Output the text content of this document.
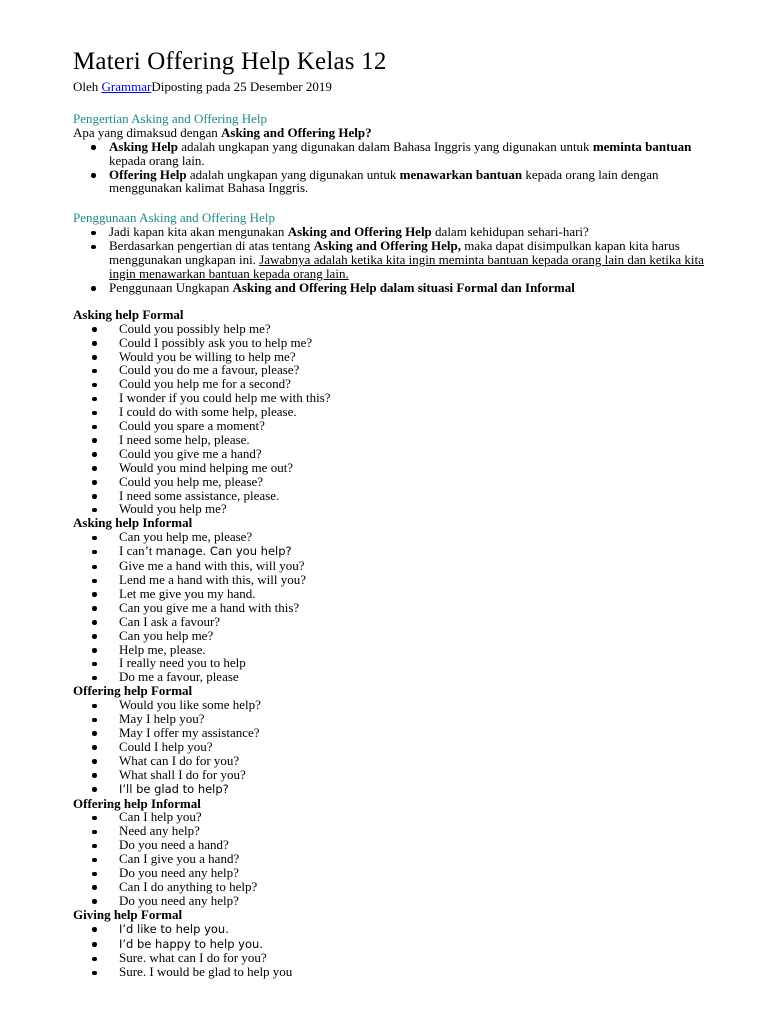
Materi Offering Help Kelas 12

Oleh GrammarDiposting pada 25 Desember 2019

Pengertian Asking and Offering Help

Apa yang dimaksud dengan Asking and Offering Help?

Asking Help adalah ungkapan yang digunakan dalam Bahasa Inggris yang digunakan untuk meminta bantuan kepada orang lain.
Offering Help adalah ungkapan yang digunakan untuk menawarkan bantuan kepada orang lain dengan menggunakan kalimat Bahasa Inggris.

Penggunaan Asking and Offering Help

Jadi kapan kita akan mengunakan Asking and Offering Help dalam kehidupan sehari-hari?
Berdasarkan pengertian di atas tentang Asking and Offering Help, maka dapat disimpulkan kapan kita harus menggunakan ungkapan ini. Jawabnya adalah ketika kita ingin meminta bantuan kepada orang lain dan ketika kita ingin menawarkan bantuan kepada orang lain.
Penggunaan Ungkapan Asking and Offering Help dalam situasi Formal dan Informal

Asking help Formal

Could you possibly help me?
Could I possibly ask you to help me?
Would you be willing to help me?
Could you do me a favour, please?
Could you help me for a second?
I wonder if you could help me with this?
I could do with some help, please.
Could you spare a moment?
I need some help, please.
Could you give me a hand?
Would you mind helping me out?
Could you help me, please?
I need some assistance, please.
Would you help me?

Asking help Informal

Can you help me, please?
I can’t manage. Can you help?
Give me a hand with this, will you?
Lend me a hand with this, will you?
Let me give you my hand.
Can you give me a hand with this?
Can I ask a favour?
Can you help me?
Help me, please.
I really need you to help
Do me a favour, please

Offering help Formal

Would you like some help?
May I help you?
May I offer my assistance?
Could I help you?
What can I do for you?
What shall I do for you?
I’ll be glad to help?

Offering help Informal

Can I help you?
Need any help?
Do you need a hand?
Can I give you a hand?
Do you need any help?
Can I do anything to help?
Do you need any help?

Giving help Formal

I’d like to help you.
I’d be happy to help you.
Sure. what can I do for you?
Sure. I would be glad to help you
